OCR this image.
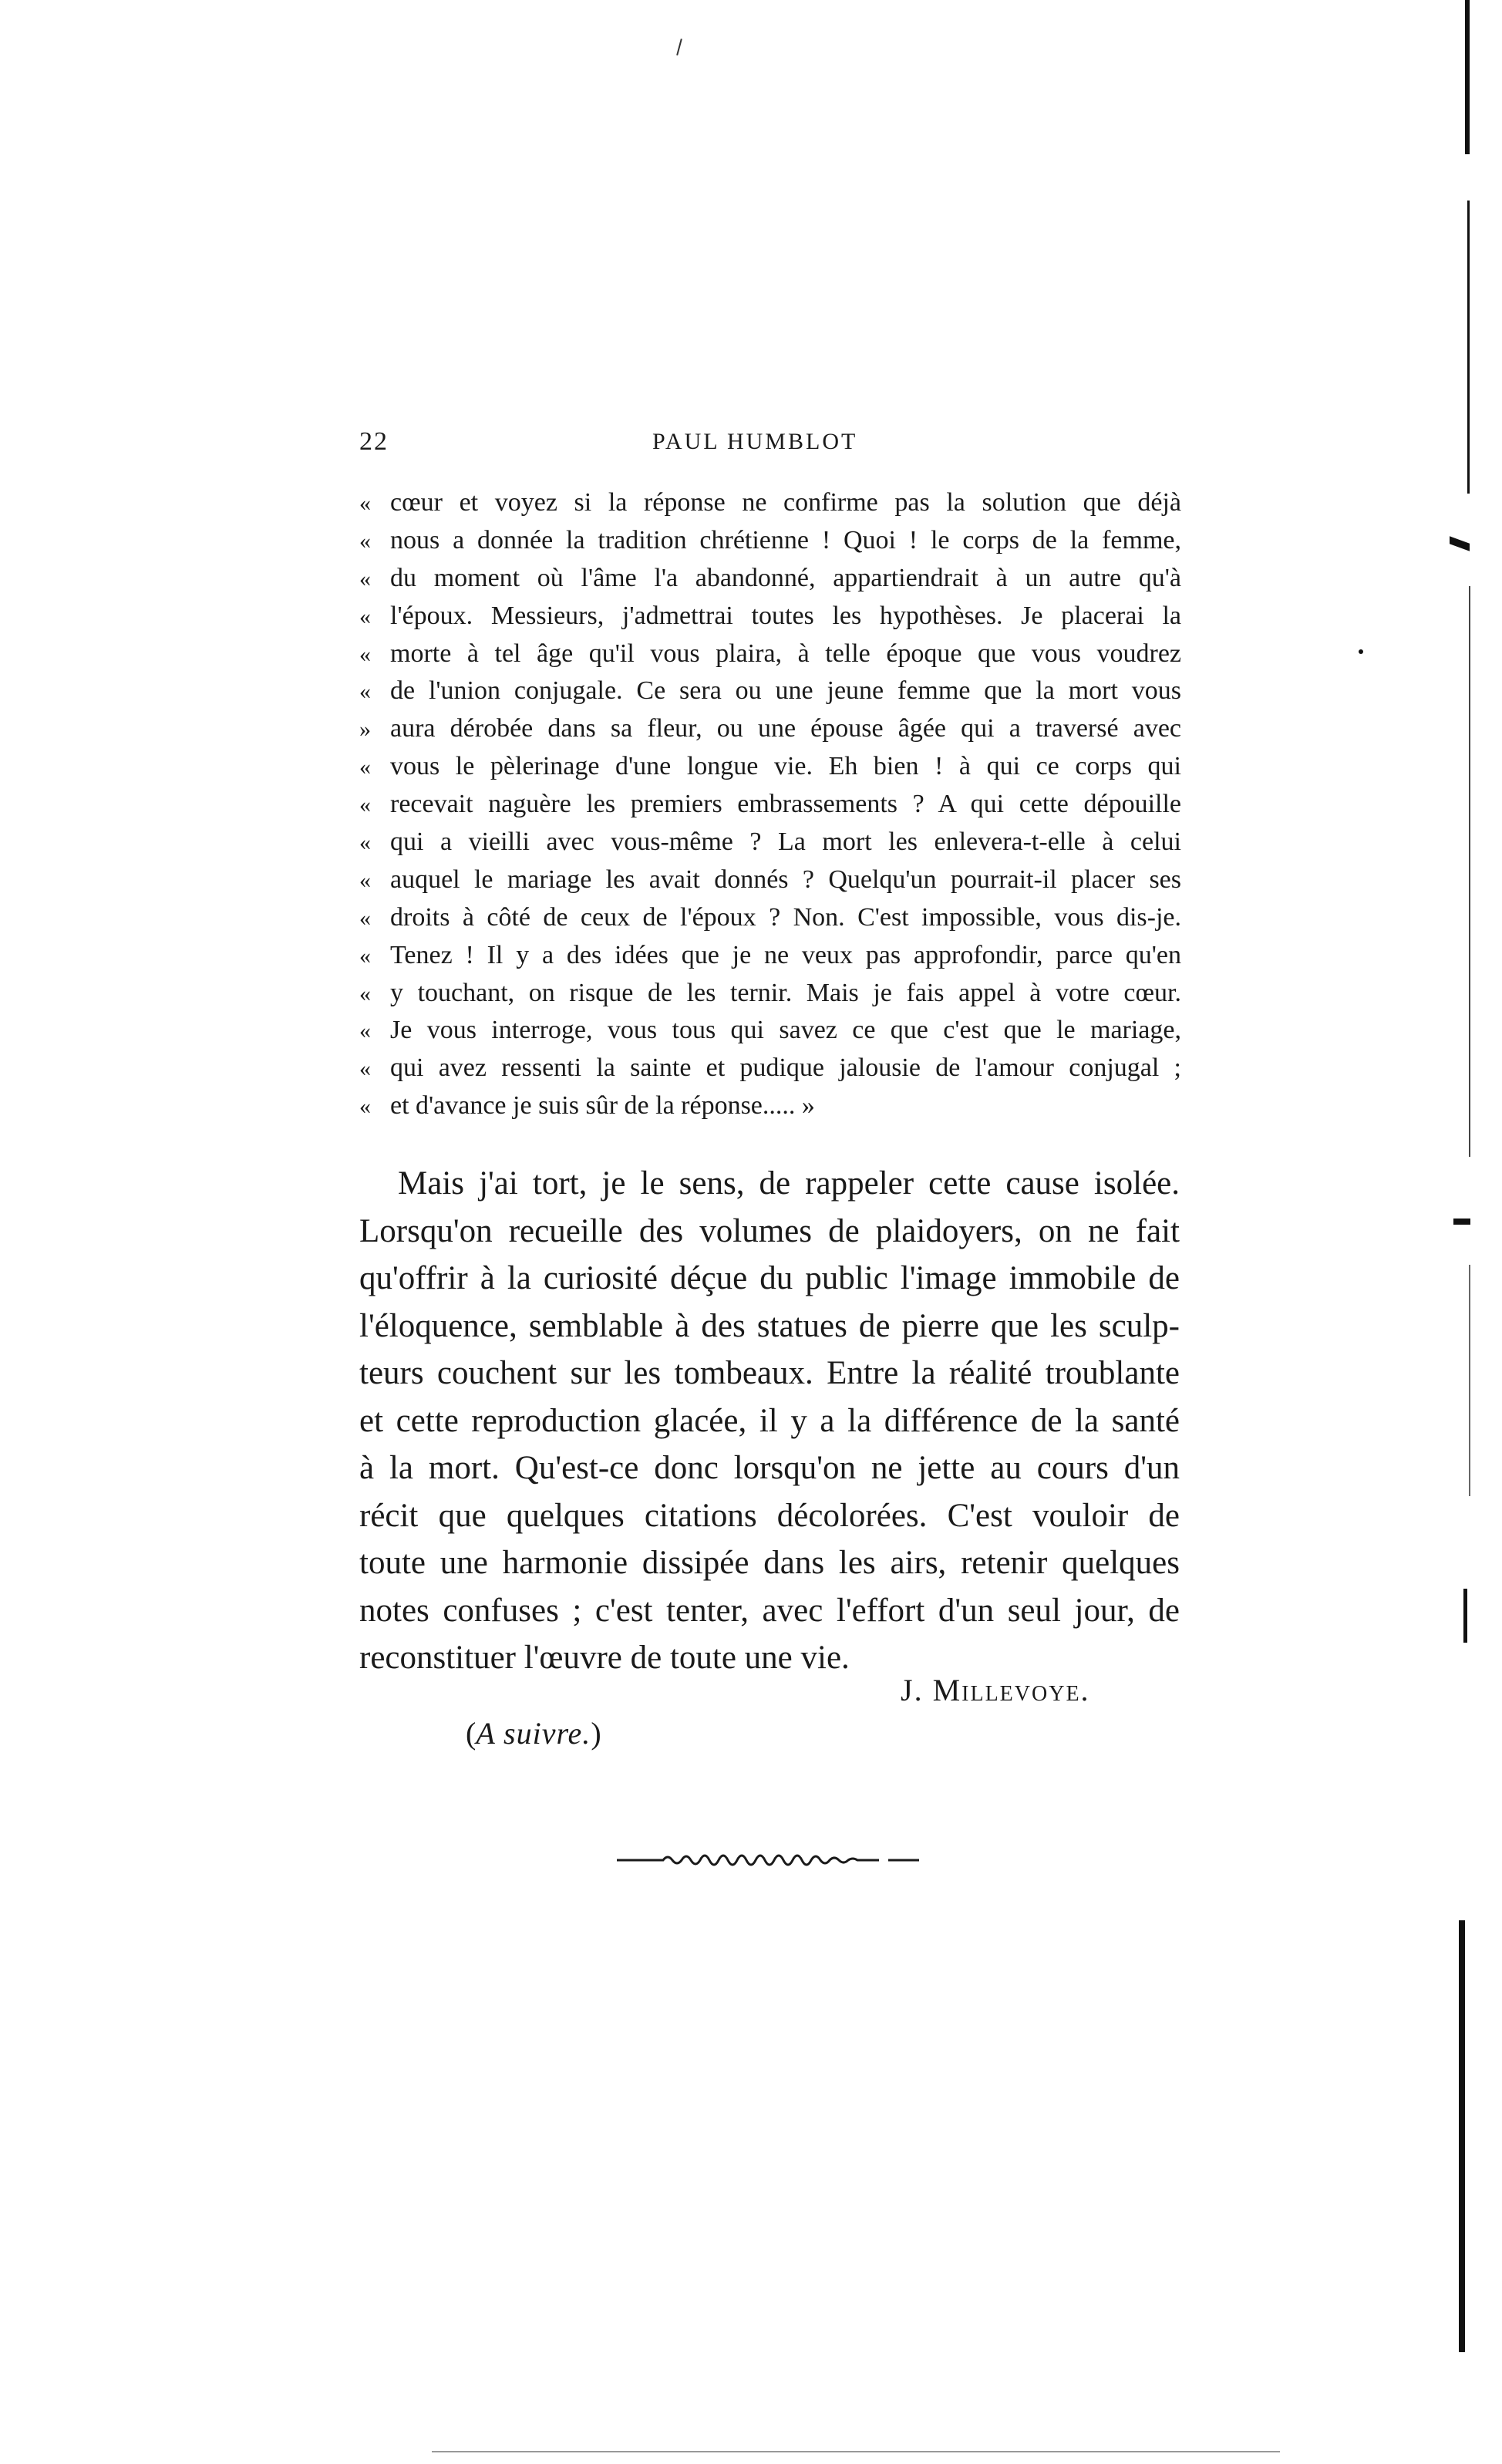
22	PAUL HUMBLOT
« cœur et voyez si la réponse ne confirme pas la solution que déjà
« nous a donnée la tradition chrétienne ! Quoi ! le corps de la femme,
« du moment où l'âme l'a abandonné, appartiendrait à un autre qu'à
« l'époux. Messieurs, j'admettrai toutes les hypothèses. Je placerai la
« morte à tel âge qu'il vous plaira, à telle époque que vous voudrez
« de l'union conjugale. Ce sera ou une jeune femme que la mort vous
» aura dérobée dans sa fleur, ou une épouse âgée qui a traversé avec
« vous le pèlerinage d'une longue vie. Eh bien ! à qui ce corps qui
« recevait naguère les premiers embrassements ? A qui cette dépouille
« qui a vieilli avec vous-même ? La mort les enlevera-t-elle à celui
« auquel le mariage les avait donnés ? Quelqu'un pourrait-il placer ses
« droits à côté de ceux de l'époux ? Non. C'est impossible, vous dis-je.
« Tenez ! Il y a des idées que je ne veux pas approfondir, parce qu'en
« y touchant, on risque de les ternir. Mais je fais appel à votre cœur.
« Je vous interroge, vous tous qui savez ce que c'est que le mariage,
« qui avez ressenti la sainte et pudique jalousie de l'amour conjugal ;
« et d'avance je suis sûr de la réponse..... »
Mais j'ai tort, je le sens, de rappeler cette cause isolée.
Lorsqu'on recueille des volumes de plaidoyers, on ne fait
qu'offrir à la curiosité déçue du public l'image immobile de
l'éloquence, semblable à des statues de pierre que les sculp-
teurs couchent sur les tombeaux. Entre la réalité troublante
et cette reproduction glacée, il y a la différence de la santé
à la mort. Qu'est-ce donc lorsqu'on ne jette au cours d'un
récit que quelques citations décolorées. C'est vouloir de
toute une harmonie dissipée dans les airs, retenir quelques
notes confuses ; c'est tenter, avec l'effort d'un seul jour, de
reconstituer l'œuvre de toute une vie.
J. Millevoye.
(A suivre.)
